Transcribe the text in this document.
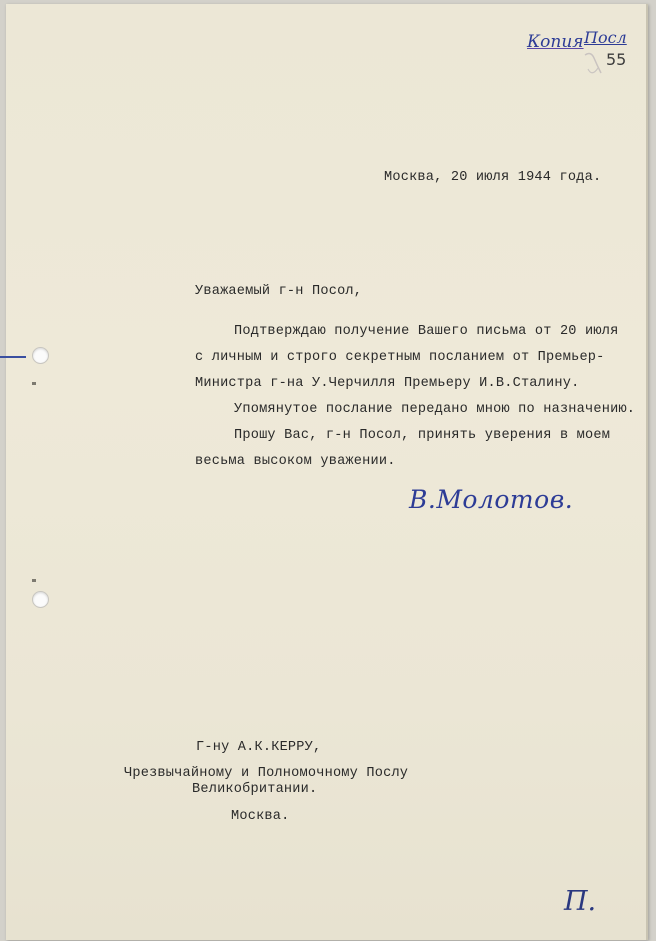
Копия Посл
55

Москва, 20 июля 1944 года.

Уважаемый г-н Посол,

Подтверждаю получение Вашего письма от 20 июля

с личным и строго секретным посланием от Премьер-

Министра г-на У.Черчилля Премьеру И.В.Сталину.

Упомянутое послание передано мною по назначению.

Прошу Вас, г-н Посол, принять уверения в моем

весьма высоком уважении.

В.Молотов.

Г-ну А.К.КЕРРУ,

Чрезвычайному и Полномочному Послу

Великобритании.

Москва.

П.
